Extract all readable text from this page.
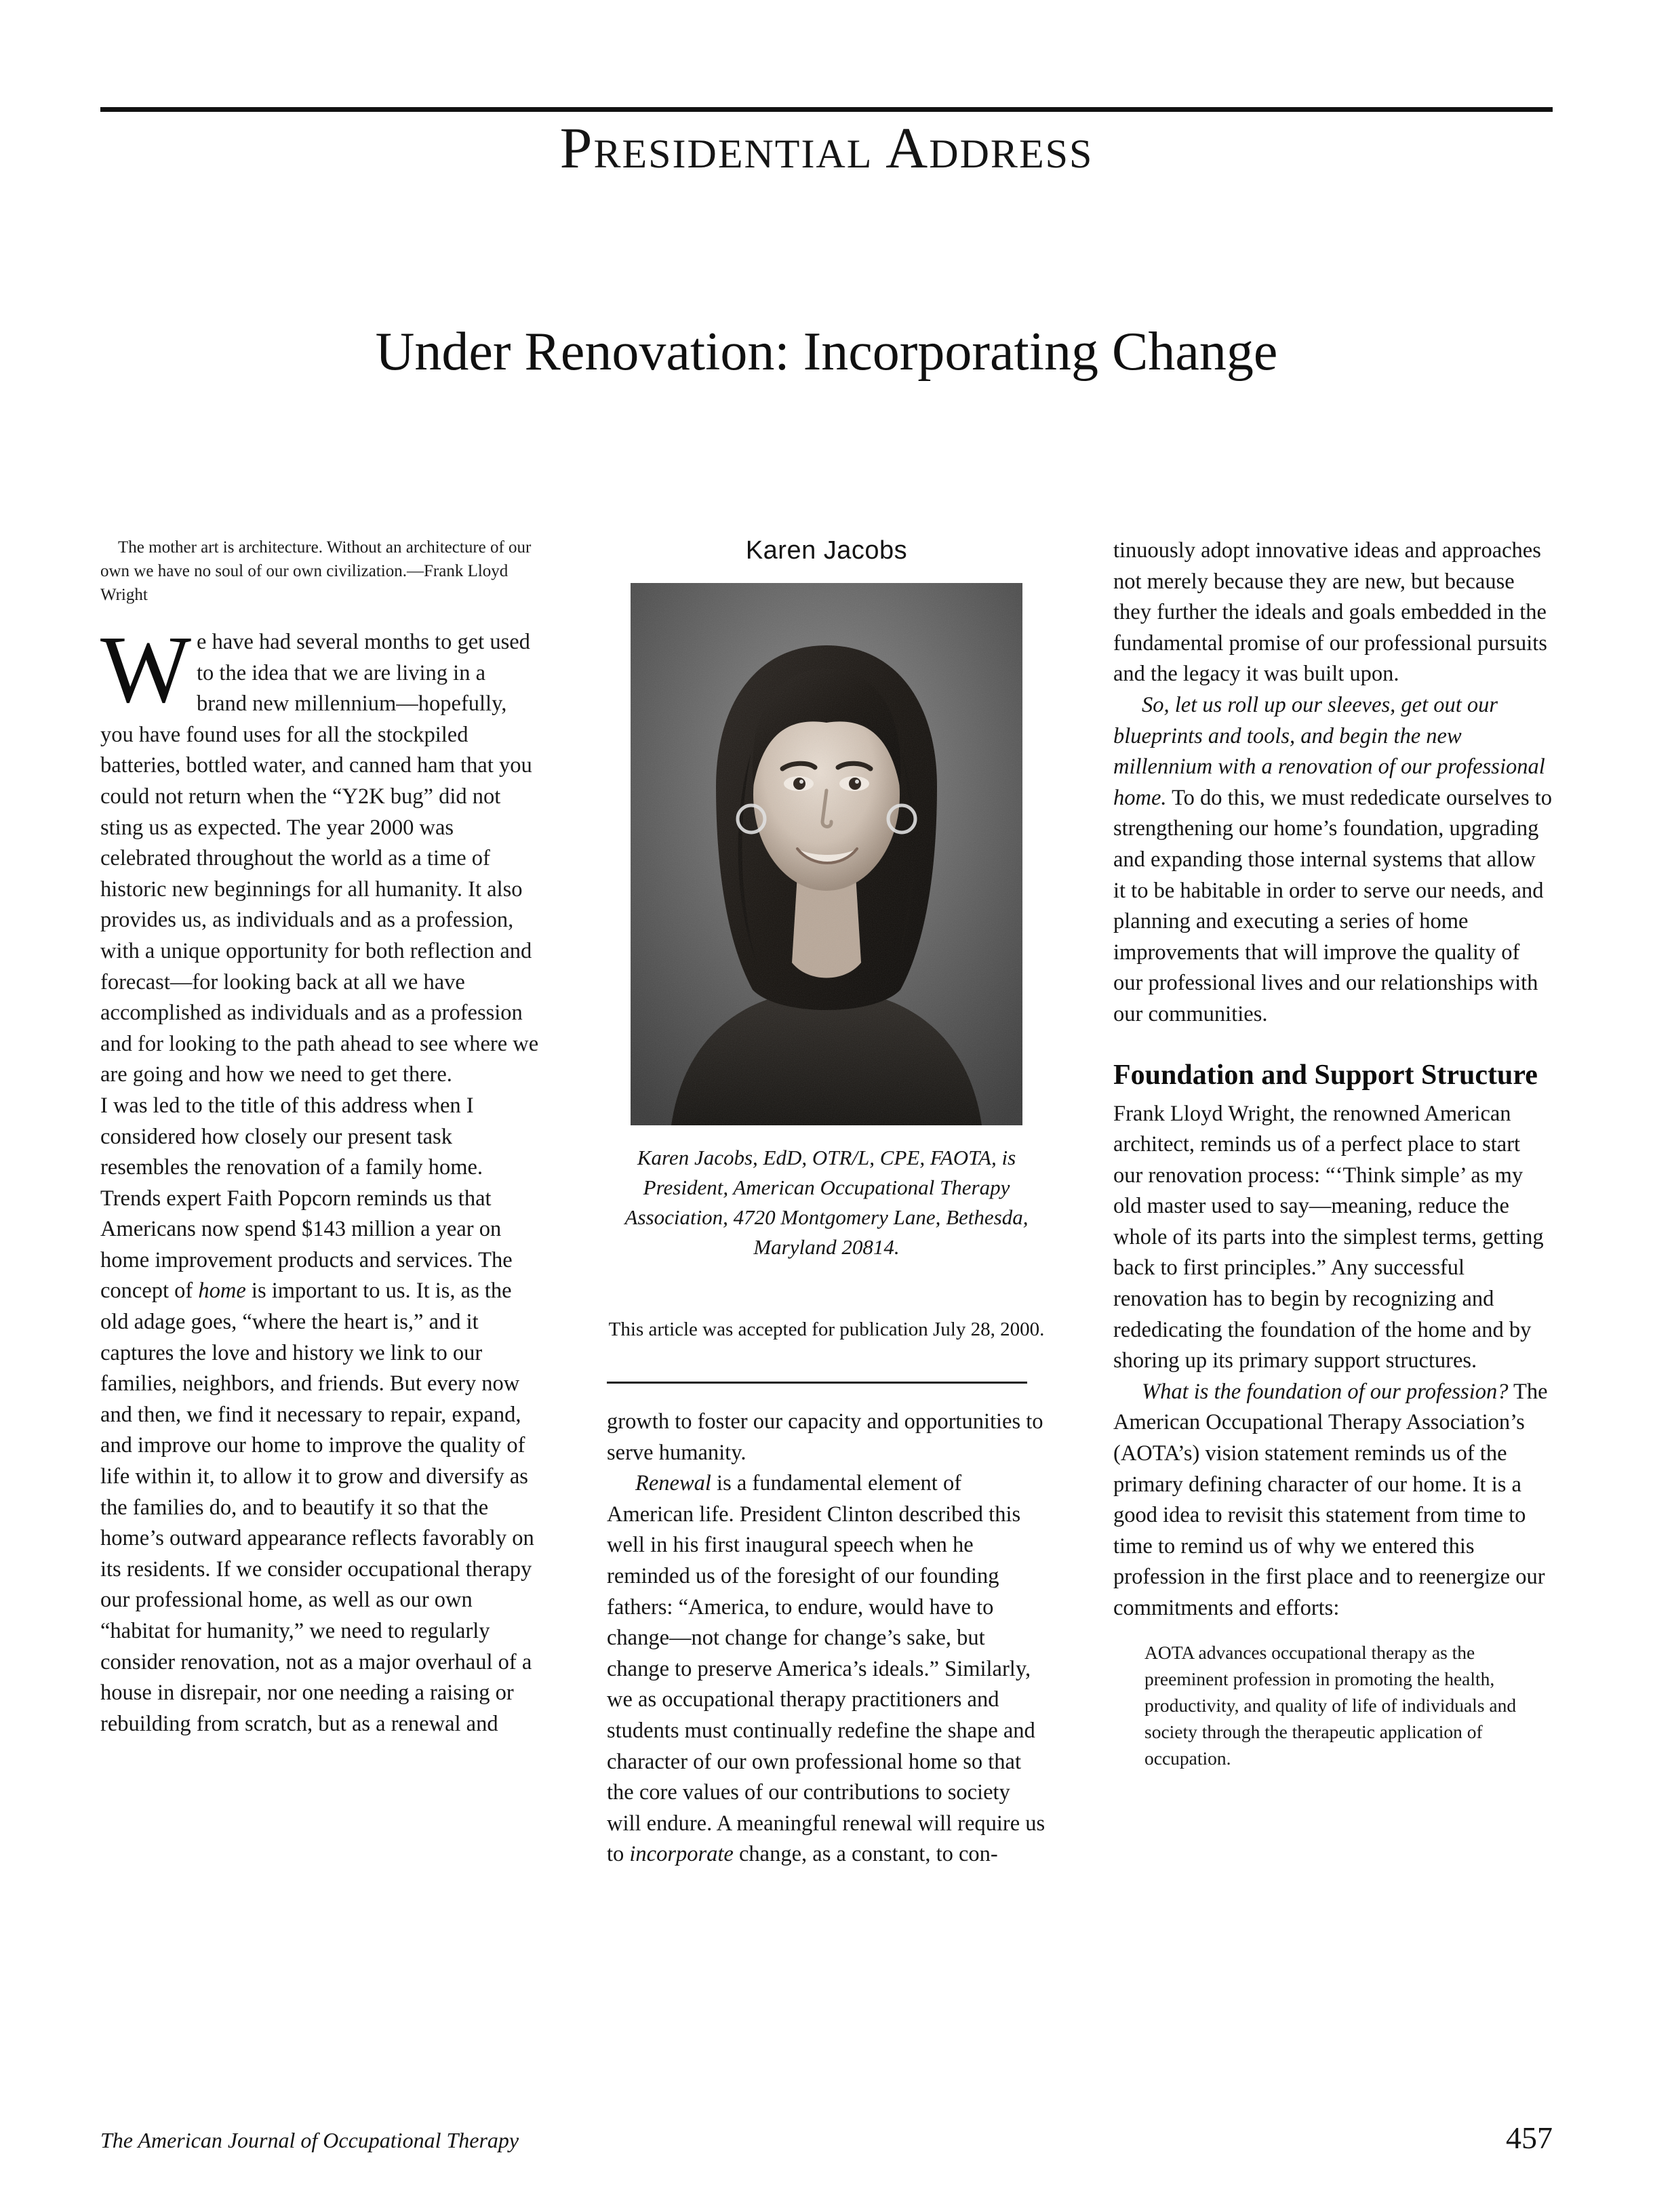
Presidential Address
Under Renovation: Incorporating Change

The mother art is architecture. Without an architecture of our own we have no soul of our own civilization.—Frank Lloyd Wright

We have had several months to get used to the idea that we are living in a brand new millennium—hopefully, you have found uses for all the stockpiled batteries, bottled water, and canned ham that you could not return when the “Y2K bug” did not sting us as expected. The year 2000 was celebrated throughout the world as a time of historic new beginnings for all humanity. It also provides us, as individuals and as a profession, with a unique opportunity for both reflection and forecast—for looking back at all we have accomplished as individuals and as a profession and for looking to the path ahead to see where we are going and how we need to get there.

I was led to the title of this address when I considered how closely our present task resembles the renovation of a family home. Trends expert Faith Popcorn reminds us that Americans now spend $143 million a year on home improvement products and services. The concept of home is important to us. It is, as the old adage goes, “where the heart is,” and it captures the love and history we link to our families, neighbors, and friends. But every now and then, we find it necessary to repair, expand, and improve our home to improve the quality of life within it, to allow it to grow and diversify as the families do, and to beautify it so that the home’s outward appearance reflects favorably on its residents. If we consider occupational therapy our professional home, as well as our own “habitat for humanity,” we need to regularly consider renovation, not as a major overhaul of a house in disrepair, nor one needing a raising or rebuilding from scratch, but as a renewal and

Karen Jacobs

Karen Jacobs, EdD, OTR/L, CPE, FAOTA, is President, American Occupational Therapy Association, 4720 Montgomery Lane, Bethesda, Maryland 20814.

This article was accepted for publication July 28, 2000.

growth to foster our capacity and opportunities to serve humanity.

Renewal is a fundamental element of American life. President Clinton described this well in his first inaugural speech when he reminded us of the foresight of our founding fathers: “America, to endure, would have to change—not change for change’s sake, but change to preserve America’s ideals.” Similarly, we as occupational therapy practitioners and students must continually redefine the shape and character of our own professional home so that the core values of our contributions to society will endure. A meaningful renewal will require us to incorporate change, as a constant, to con-

tinuously adopt innovative ideas and approaches not merely because they are new, but because they further the ideals and goals embedded in the fundamental promise of our professional pursuits and the legacy it was built upon.

So, let us roll up our sleeves, get out our blueprints and tools, and begin the new millennium with a renovation of our professional home. To do this, we must rededicate ourselves to strengthening our home’s foundation, upgrading and expanding those internal systems that allow it to be habitable in order to serve our needs, and planning and executing a series of home improvements that will improve the quality of our professional lives and our relationships with our communities.

Foundation and Support Structure

Frank Lloyd Wright, the renowned American architect, reminds us of a perfect place to start our renovation process: “‘Think simple’ as my old master used to say—meaning, reduce the whole of its parts into the simplest terms, getting back to first principles.” Any successful renovation has to begin by recognizing and rededicating the foundation of the home and by shoring up its primary support structures.

What is the foundation of our profession? The American Occupational Therapy Association’s (AOTA’s) vision statement reminds us of the primary defining character of our home. It is a good idea to revisit this statement from time to time to remind us of why we entered this profession in the first place and to reenergize our commitments and efforts:

AOTA advances occupational therapy as the preeminent profession in promoting the health, productivity, and quality of life of individuals and society through the therapeutic application of occupation.

The American Journal of Occupational Therapy	457
